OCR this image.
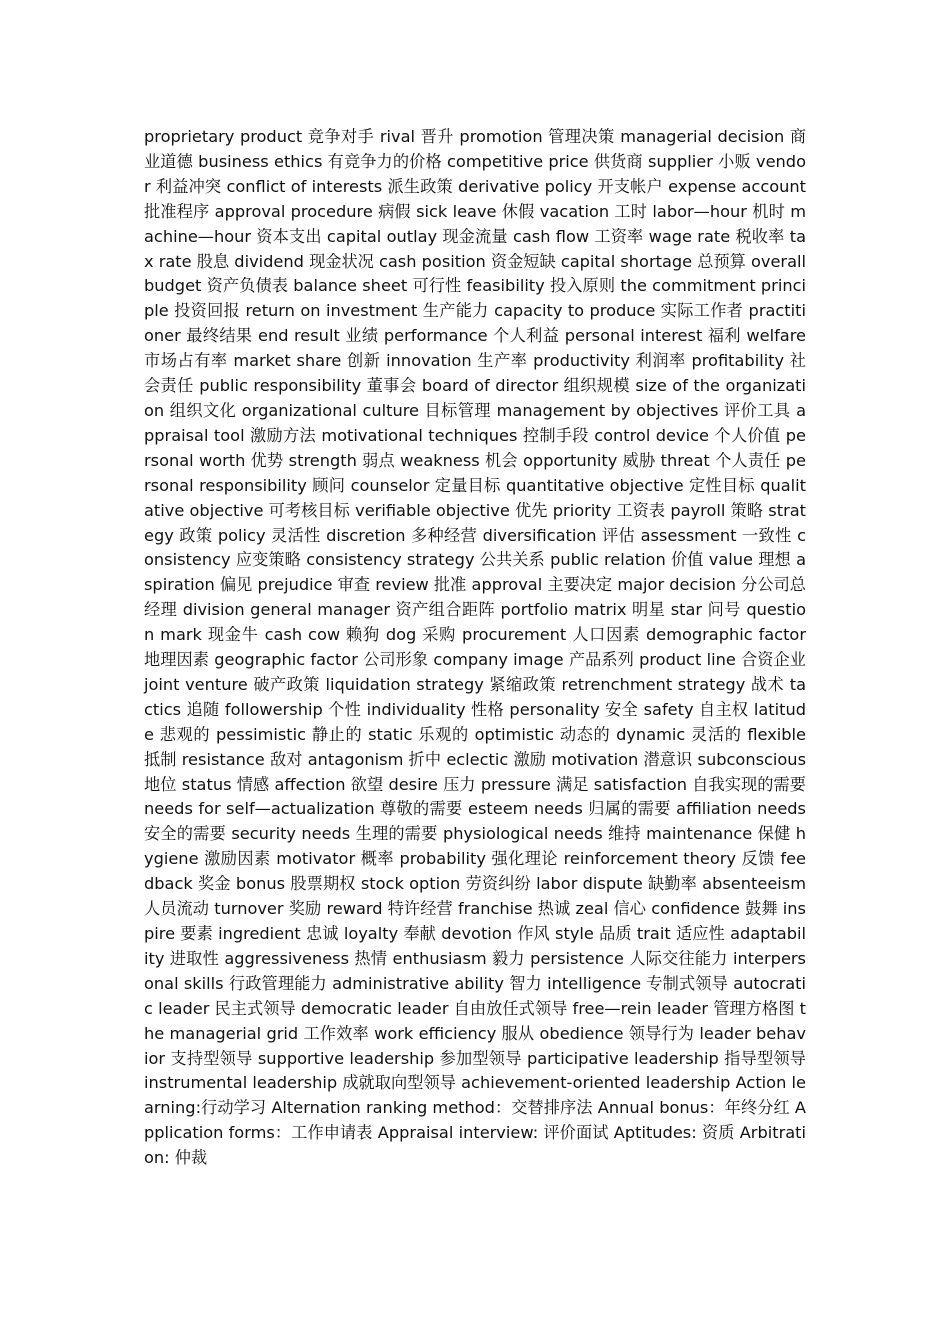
proprietary product 竞争对手 rival 晋升 promotion 管理决策 managerial decision 商业道德 business ethics 有竞争力的价格 competitive price 供货商 supplier 小贩 vendor 利益冲突 conflict of interests 派生政策 derivative policy 开支帐户 expense account 批准程序 approval procedure 病假 sick leave 休假 vacation 工时 labor—hour 机时 machine—hour 资本支出 capital outlay 现金流量 cash flow 工资率 wage rate 税收率 tax rate 股息 dividend 现金状况 cash position 资金短缺 capital shortage 总预算 overall budget 资产负债表 balance sheet 可行性 feasibility 投入原则 the commitment principle 投资回报 return on investment 生产能力 capacity to produce 实际工作者 practitioner 最终结果 end result 业绩 performance 个人利益 personal interest 福利 welfare 市场占有率 market share 创新 innovation 生产率 productivity 利润率 profitability 社会责任 public responsibility 董事会 board of director 组织规模 size of the organization 组织文化 organizational culture 目标管理 management by objectives 评价工具 appraisal tool 激励方法 motivational techniques 控制手段 control device 个人价值 personal worth 优势 strength 弱点 weakness 机会 opportunity 威胁 threat 个人责任 personal responsibility 顾问 counselor 定量目标 quantitative objective 定性目标 qualitative objective 可考核目标 verifiable objective 优先 priority 工资表 payroll 策略 strategy 政策 policy 灵活性 discretion 多种经营 diversification 评估 assessment 一致性 consistency 应变策略 consistency strategy 公共关系 public relation 价值 value 理想 aspiration 偏见 prejudice 审查 review 批准 approval 主要决定 major decision 分公司总经理 division general manager 资产组合距阵 portfolio matrix 明星 star 问号 question mark 现金牛 cash cow 赖狗 dog 采购 procurement 人口因素 demographic factor 地理因素 geographic factor 公司形象 company image 产品系列 product line 合资企业 joint venture 破产政策 liquidation strategy 紧缩政策 retrenchment strategy 战术 tactics 追随 followership 个性 individuality 性格 personality 安全 safety 自主权 latitude 悲观的 pessimistic 静止的 static 乐观的 optimistic 动态的 dynamic 灵活的 flexible 抵制 resistance 敌对 antagonism 折中 eclectic 激励 motivation 潜意识 subconscious 地位 status 情感 affection 欲望 desire 压力 pressure 满足 satisfaction 自我实现的需要 needs for self—actualization 尊敬的需要 esteem needs 归属的需要 affiliation needs 安全的需要 security needs 生理的需要 physiological needs 维持 maintenance 保健 hygiene 激励因素 motivator 概率 probability 强化理论 reinforcement theory 反馈 feedback 奖金 bonus 股票期权 stock option 劳资纠纷 labor dispute 缺勤率 absenteeism 人员流动 turnover 奖励 reward 特许经营 franchise 热诚 zeal 信心 confidence 鼓舞 inspire 要素 ingredient 忠诚 loyalty 奉献 devotion 作风 style 品质 trait 适应性 adaptability 进取性 aggressiveness 热情 enthusiasm 毅力 persistence 人际交往能力 interpersonal skills 行政管理能力 administrative ability 智力 intelligence 专制式领导 autocratic leader 民主式领导 democratic leader 自由放任式领导 free—rein leader 管理方格图 the managerial grid 工作效率 work efficiency 服从 obedience 领导行为 leader behavior 支持型领导 supportive leadership 参加型领导 participative leadership 指导型领导 instrumental leadership 成就取向型领导 achievement-oriented leadership Action learning:行动学习 Alternation ranking method：交替排序法 Annual bonus：年终分红 Application forms：工作申请表 Appraisal interview: 评价面试 Aptitudes: 资质 Arbitration: 仲裁
